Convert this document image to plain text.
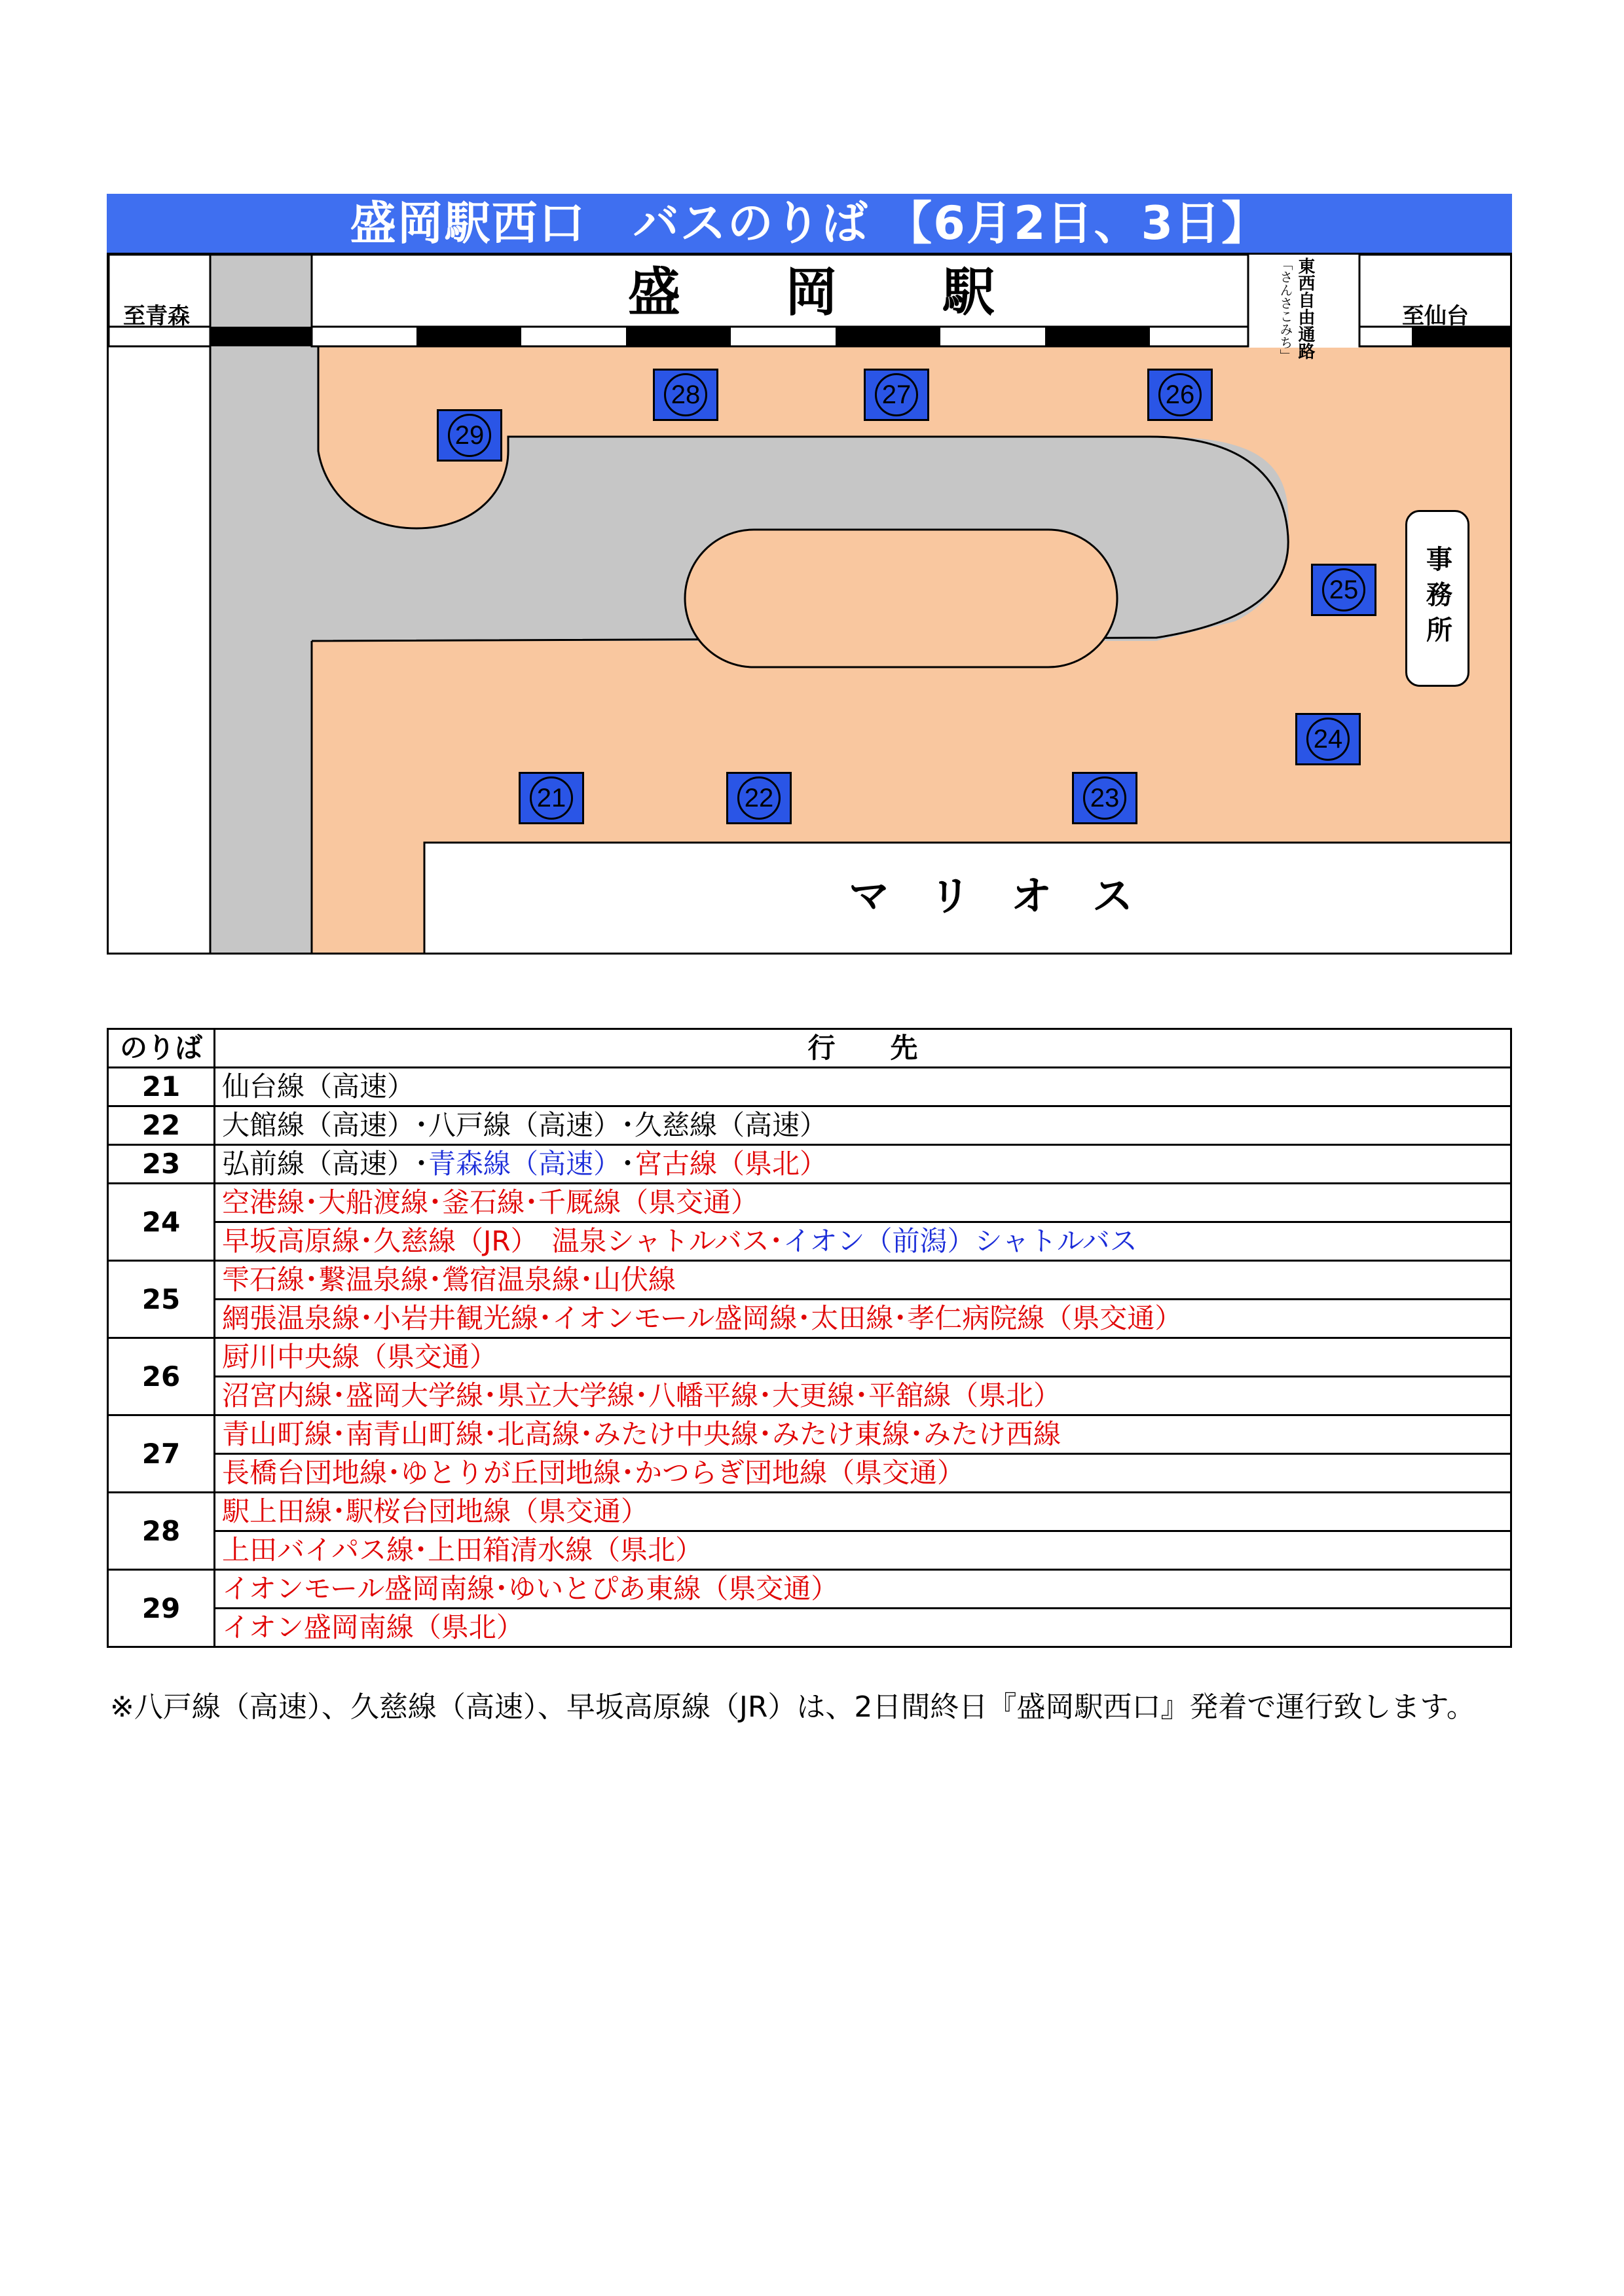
盛岡駅西口　バスのりば 【6月2日、3日】
盛　　岡　　駅
至青森	至仙台
東西自由通路
「さんさこみち」
事務所
マ　リ　オ　ス
29
28	27	26
25
24
23
22
21
のりば	行　　先
21	仙台線（高速）
22	大館線（高速）･八戸線（高速）･久慈線（高速）
23	弘前線（高速）･青森線（高速）･宮古線（県北）
24	空港線･大船渡線･釜石線･千厩線（県交通）
	早坂高原線･久慈線（JR）　温泉シャトルバス･イオン（前潟）シャトルバス
25	雫石線･繋温泉線･鶯宿温泉線･山伏線
	網張温泉線･小岩井観光線･イオンモール盛岡線･太田線･孝仁病院線（県交通）
26	厨川中央線（県交通）
	沼宮内線･盛岡大学線･県立大学線･八幡平線･大更線･平舘線（県北）
27	青山町線･南青山町線･北高線･みたけ中央線･みたけ東線･みたけ西線
	長橋台団地線･ゆとりが丘団地線･かつらぎ団地線（県交通）
28	駅上田線･駅桜台団地線（県交通）
	上田バイパス線･上田箱清水線（県北）
29	イオンモール盛岡南線･ゆいとぴあ東線（県交通）
	イオン盛岡南線（県北）
※八戸線（高速）、久慈線（高速）、早坂高原線（JR）は、2日間終日『盛岡駅西口』発着で運行致します。
